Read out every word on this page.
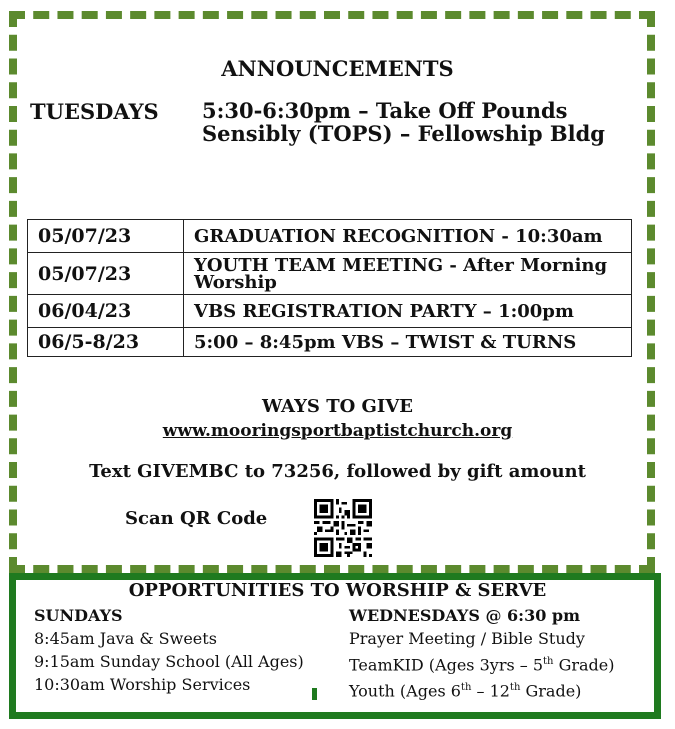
ANNOUNCEMENTS
TUESDAYS 5:30-6:30pm – Take Off Pounds
Sensibly (TOPS) – Fellowship Bldg
05/07/23	GRADUATION RECOGNITION - 10:30am
05/07/23	YOUTH TEAM MEETING - After Morning
Worship

06/04/23	VBS REGISTRATION PARTY – 1:00pm
06/5-8/23	5:00 – 8:45pm VBS – TWIST & TURNS
WAYS TO GIVE
www.mooringsportbaptistchurch.org
Text GIVEMBC to 73256, followed by gift amount
Scan QR Code
OPPORTUNITIES TO WORSHIP & SERVE
SUNDAYS
8:45am Java & Sweets
9:15am Sunday School (All Ages)
10:30am Worship Services
WEDNESDAYS @ 6:30 pm
Prayer Meeting / Bible Study
TeamKID (Ages 3yrs – 5th Grade)
Youth (Ages 6th – 12th Grade)
